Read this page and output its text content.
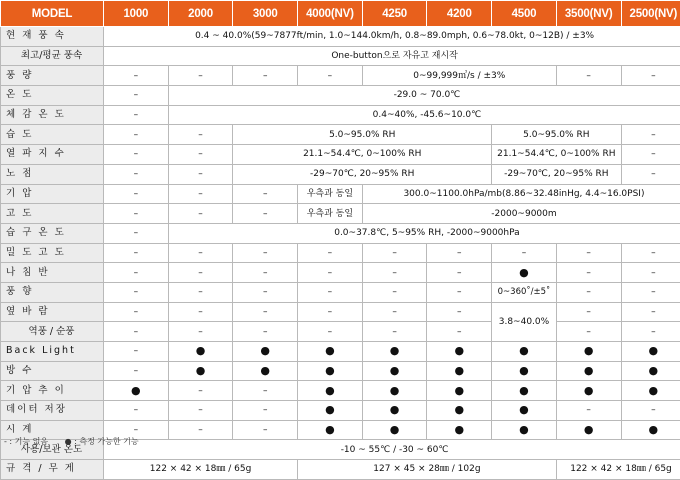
MODEL	1000	2000	3000	4000(NV)	4250	4200	4500	3500(NV)	2500(NV)
현 재 풍 속	0.4 ~ 40.0%(59~7877ft/min, 1.0~144.0km/h, 0.8~89.0mph, 0.6~78.0kt, 0~12B) / ±3%								
최고/평균 풍속	One-button으로 자유고 재시작								
풍 량	–	–	–	–	0~99,999㎥/s / ±3%			–	–
온 도	–	-29.0 ~ 70.0℃							
체 감 온 도	–	0.4~40%, -45.6~10.0℃							
습 도	–	–	5.0~95.0% RH				5.0~95.0% RH		–
열 파 지 수	–	–	21.1~54.4℃, 0~100% RH				21.1~54.4℃, 0~100% RH		–
노 점	–	–	-29~70℃, 20~95% RH				-29~70℃, 20~95% RH		–
기 압	–	–	–	우측과 동일	300.0~1100.0hPa/mb(8.86~32.48inHg, 4.4~16.0PSI)				
고 도	–	–	–	우측과 동일	-2000~9000m				
습 구 온 도	–	0.0~37.8℃, 5~95% RH, -2000~9000hPa							
밀 도 고 도	–	–	–	–	–	–	–	–	–
나 침 반	–	–	–	–	–	–	●	–	–
풍 향	–	–	–	–	–	–	0~360˚/±5˚	–	–
옆 바 람	–	–	–	–	–	–	3.8~40.0%	–	–
역풍 / 순풍	–	–	–	–	–	–		–	–
Back Light	–	●	●	●	●	●	●	●	●
방 수	–	●	●	●	●	●	●	●	●
기 압 추 이	●	–	–	●	●	●	●	●	●
데이터 저장	–	–	–	●	●	●	●	–	–
시 계	–	–	–	●	●	●	●	●	●
사용/보관 온도	-10 ~ 55℃ / -30 ~ 60℃								
규 격 / 무 게	122 × 42 × 18㎜ / 65g			127 × 45 × 28㎜ / 102g				122 × 42 × 18㎜ / 65g	
- : 기능 없음 ● : 측정 가능한 기능
